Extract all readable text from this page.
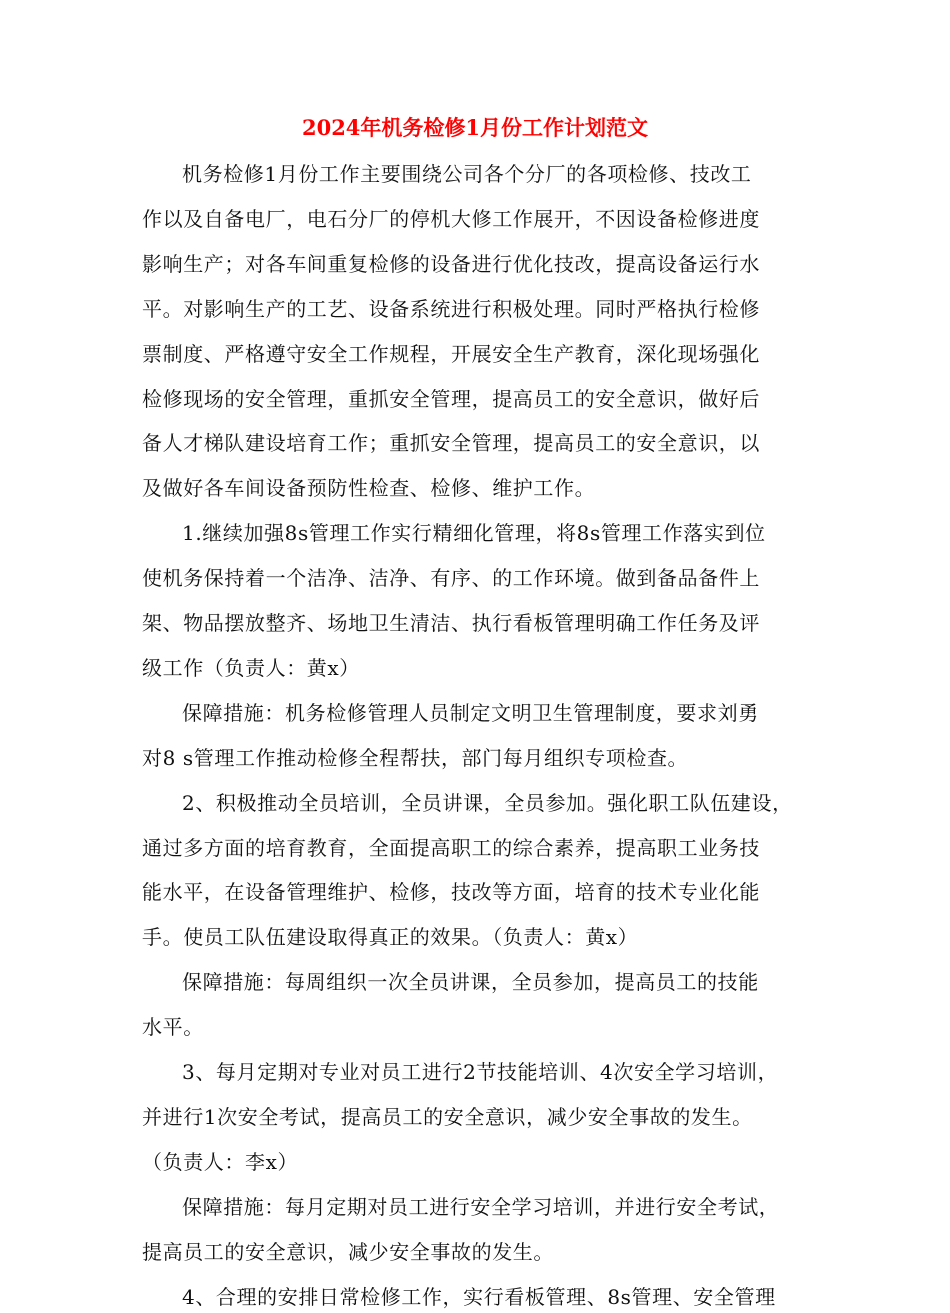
2024年机务检修1月份工作计划范文
机务检修1月份工作主要围绕公司各个分厂的各项检修、技改工
作以及自备电厂，电石分厂的停机大修工作展开，不因设备检修进度
影响生产；对各车间重复检修的设备进行优化技改，提高设备运行水
平。对影响生产的工艺、设备系统进行积极处理。同时严格执行检修
票制度、严格遵守安全工作规程，开展安全生产教育，深化现场强化
检修现场的安全管理，重抓安全管理，提高员工的安全意识，做好后
备人才梯队建设培育工作；重抓安全管理，提高员工的安全意识，以
及做好各车间设备预防性检查、检修、维护工作。
1.继续加强8s管理工作实行精细化管理，将8s管理工作落实到位
使机务保持着一个洁净、洁净、有序、的工作环境。做到备品备件上
架、物品摆放整齐、场地卫生清洁、执行看板管理明确工作任务及评
级工作（负责人：黄x）
保障措施：机务检修管理人员制定文明卫生管理制度，要求刘勇
对8 s管理工作推动检修全程帮扶，部门每月组织专项检查。
2、积极推动全员培训，全员讲课，全员参加。强化职工队伍建设，
通过多方面的培育教育，全面提高职工的综合素养，提高职工业务技
能水平，在设备管理维护、检修，技改等方面，培育的技术专业化能
手。使员工队伍建设取得真正的效果。（负责人：黄x）
保障措施：每周组织一次全员讲课，全员参加，提高员工的技能
水平。
3、每月定期对专业对员工进行2节技能培训、4次安全学习培训，
并进行1次安全考试，提高员工的安全意识，减少安全事故的发生。
（负责人：李x）
保障措施：每月定期对员工进行安全学习培训，并进行安全考试，
提高员工的安全意识，减少安全事故的发生。
4、合理的安排日常检修工作，实行看板管理、8s管理、安全管理
